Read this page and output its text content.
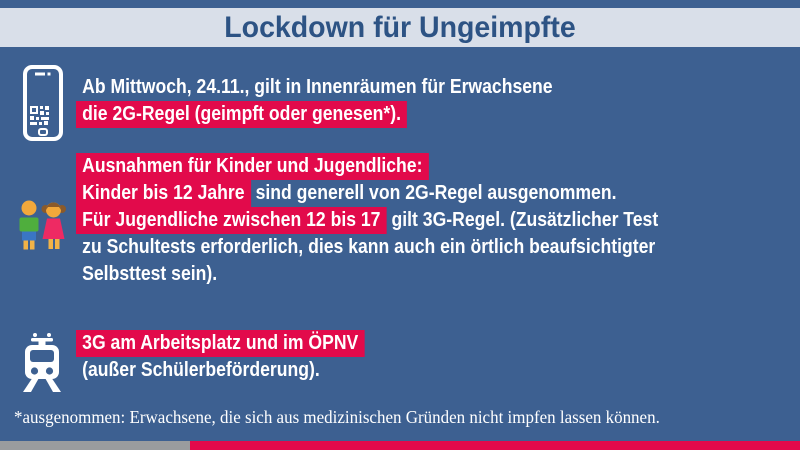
Lockdown für Ungeimpfte
Ab Mittwoch, 24.11., gilt in Innenräumen für Erwachsene
die 2G-Regel (geimpft oder genesen*).
Ausnahmen für Kinder und Jugendliche:
Kinder bis 12 Jahre sind generell von 2G-Regel ausgenommen.
Für Jugendliche zwischen 12 bis 17 gilt 3G-Regel. (Zusätzlicher Test
zu Schultests erforderlich, dies kann auch ein örtlich beaufsichtigter
Selbsttest sein).
3G am Arbeitsplatz und im ÖPNV
(außer Schülerbeförderung).
*ausgenommen: Erwachsene, die sich aus medizinischen Gründen nicht impfen lassen können.
